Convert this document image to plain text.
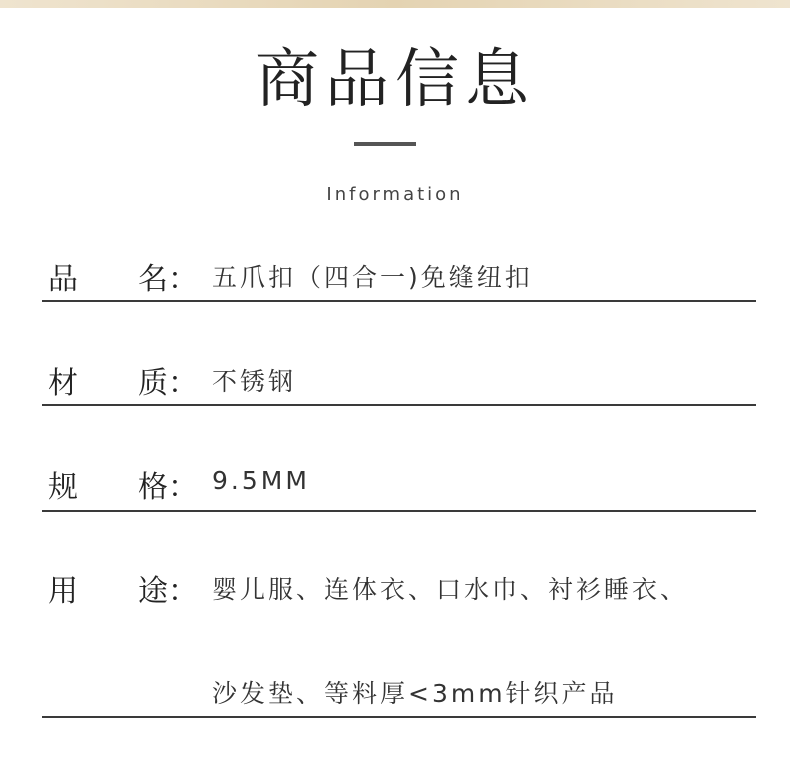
商品信息
Information
品 名： 五爪扣（四合一)免缝纽扣
材 质： 不锈钢
规 格： 9.5MM
用 途： 婴儿服、连体衣、口水巾、衬衫睡衣、
沙发垫、等料厚<3mm针织产品
